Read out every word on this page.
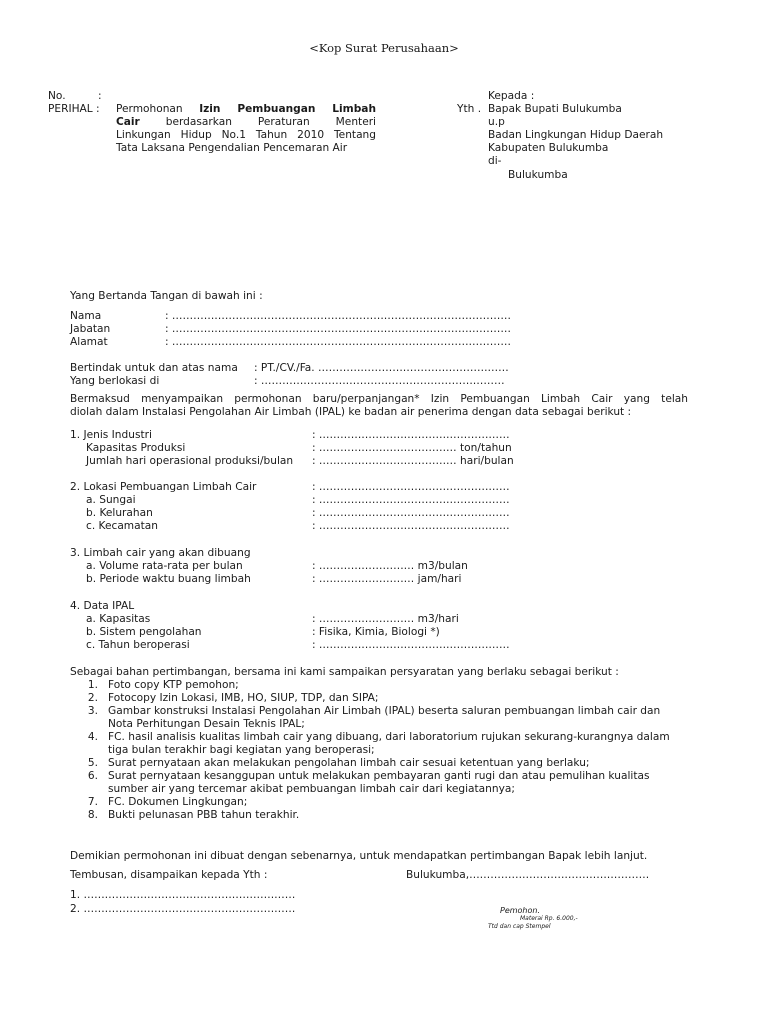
<Kop Surat Perusahaan>
No.	:
PERIHAL : Permohonan Izin Pembuangan Limbah
Cair berdasarkan Peraturan Menteri
Linkungan Hidup No.1 Tahun 2010 Tentang
Tata Laksana Pengendalian Pencemaran Air
Kepada :
Yth . Bapak Bupati Bulukumba
u.p
Badan Lingkungan Hidup Daerah
Kabupaten Bulukumba
di-
Bulukumba
Yang Bertanda Tangan di bawah ini :
Nama	: ……………………………………………………………………………………
Jabatan	: ……………………………………………………………………………………
Alamat	: ……………………………………………………………………………………
Bertindak untuk dan atas nama : PT./CV./Fa. ………………………………………………
Yang berlokasi di	: ……………………………………………………………
Bermaksud menyampaikan permohonan baru/perpanjangan* Izin Pembuangan Limbah Cair yang telah
diolah dalam Instalasi Pengolahan Air Limbah (IPAL) ke badan air penerima dengan data sebagai berikut :
1. Jenis Industri	: ………………………………………………
Kapasitas Produksi	: ………………………………… ton/tahun
Jumlah hari operasional produksi/bulan : ………………………………… hari/bulan
2. Lokasi Pembuangan Limbah Cair	: ………………………………………………
a. Sungai	: ………………………………………………
b. Kelurahan	: ………………………………………………
c. Kecamatan	: ………………………………………………
3. Limbah cair yang akan dibuang
a. Volume rata-rata per bulan	: ……………………… m3/bulan
b. Periode waktu buang limbah	: ……………………… jam/hari
4. Data IPAL
a. Kapasitas	: ……………………… m3/hari
b. Sistem pengolahan	: Fisika, Kimia, Biologi *)
c. Tahun beroperasi	: ………………………………………………
Sebagai bahan pertimbangan, bersama ini kami sampaikan persyaratan yang berlaku sebagai berikut :
1. Foto copy KTP pemohon;
2. Fotocopy Izin Lokasi, IMB, HO, SIUP, TDP, dan SIPA;
3. Gambar konstruksi Instalasi Pengolahan Air Limbah (IPAL) beserta saluran pembuangan limbah cair dan
Nota Perhitungan Desain Teknis IPAL;
4. FC. hasil analisis kualitas limbah cair yang dibuang, dari laboratorium rujukan sekurang-kurangnya dalam
tiga bulan terakhir bagi kegiatan yang beroperasi;
5. Surat pernyataan akan melakukan pengolahan limbah cair sesuai ketentuan yang berlaku;
6. Surat pernyataan kesanggupan untuk melakukan pembayaran ganti rugi dan atau pemulihan kualitas
sumber air yang tercemar akibat pembuangan limbah cair dari kegiatannya;
7. FC. Dokumen Lingkungan;
8. Bukti pelunasan PBB tahun terakhir.
Demikian permohonan ini dibuat dengan sebenarnya, untuk mendapatkan pertimbangan Bapak lebih lanjut.
Tembusan, disampaikan kepada Yth :	Bulukumba,……………………………………………
1. ……………………………………………………
2. ……………………………………………………	Pemohon.
Materai Rp. 6.000,-
Ttd dan cap Stempel
